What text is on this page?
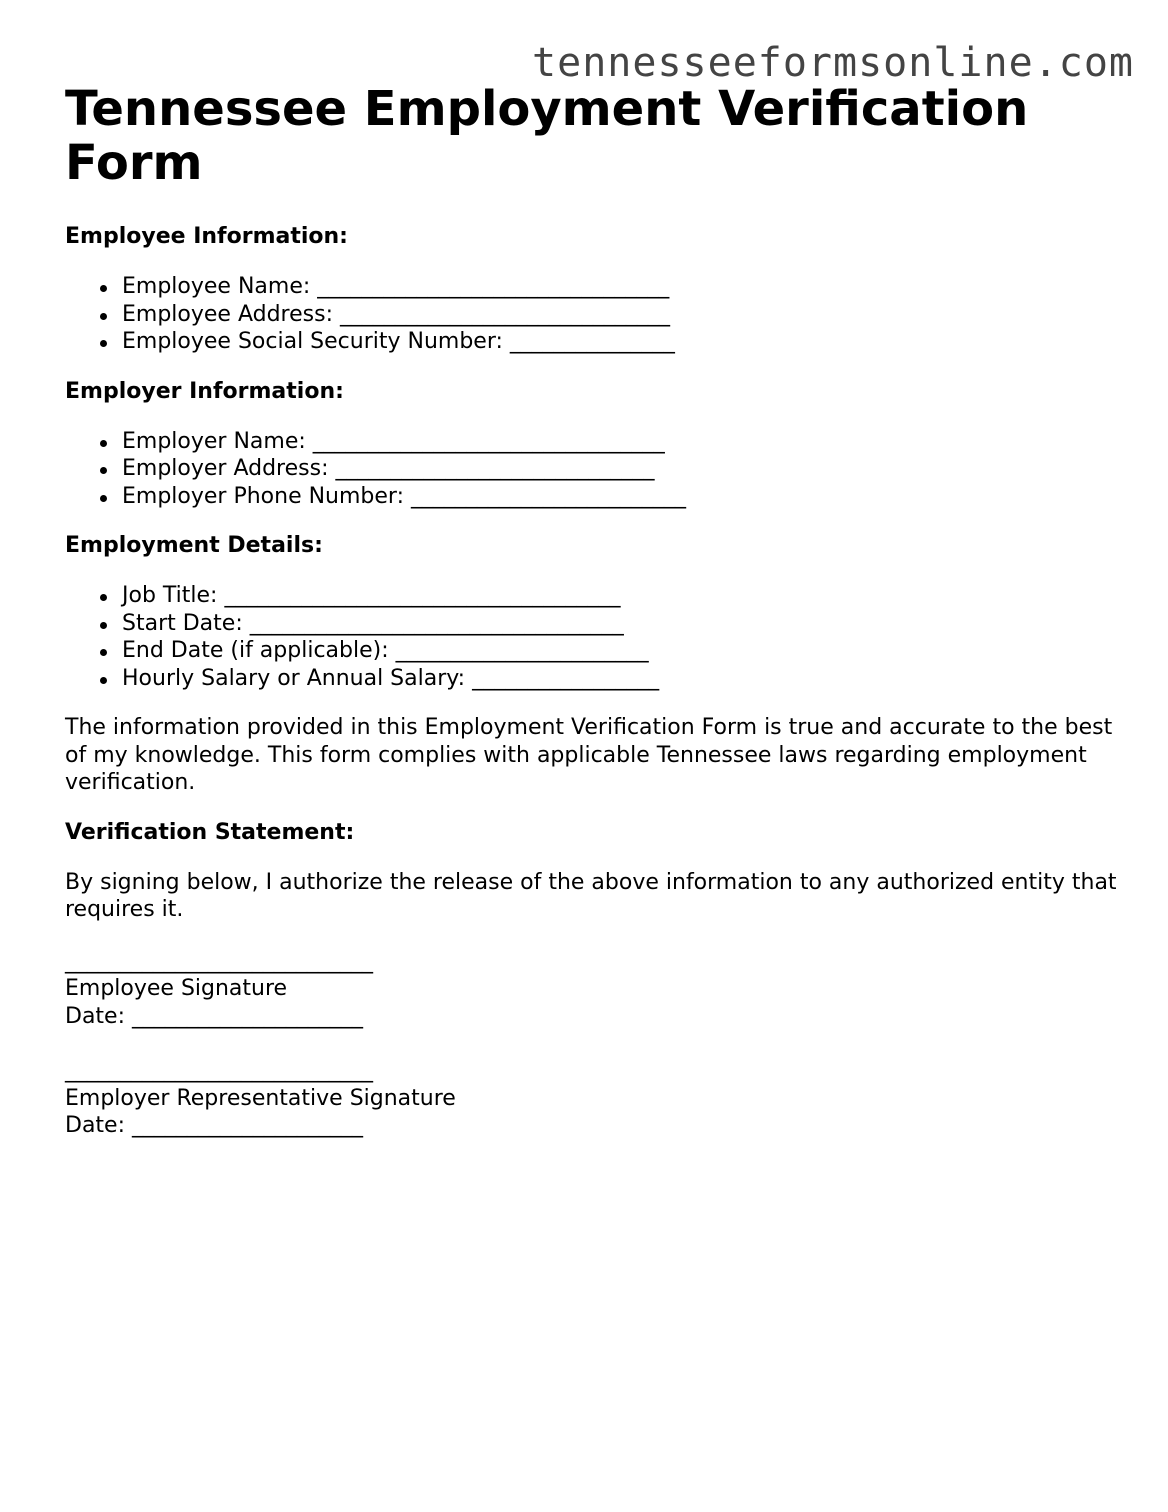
tennesseeformsonline.com
Tennessee Employment Verification Form
Employee Information:
Employee Name: ________________________________
Employee Address: ______________________________
Employee Social Security Number: _______________
Employer Information:
Employer Name: ________________________________
Employer Address: _____________________________
Employer Phone Number: _________________________
Employment Details:
Job Title: ____________________________________
Start Date: __________________________________
End Date (if applicable): _______________________
Hourly Salary or Annual Salary: _________________

The information provided in this Employment Verification Form is true and accurate to the best of my knowledge. This form complies with applicable Tennessee laws regarding employment verification.

Verification Statement:

By signing below, I authorize the release of the above information to any authorized entity that requires it.

____________________________
Employee Signature
Date: _____________________
____________________________
Employer Representative Signature
Date: _____________________
